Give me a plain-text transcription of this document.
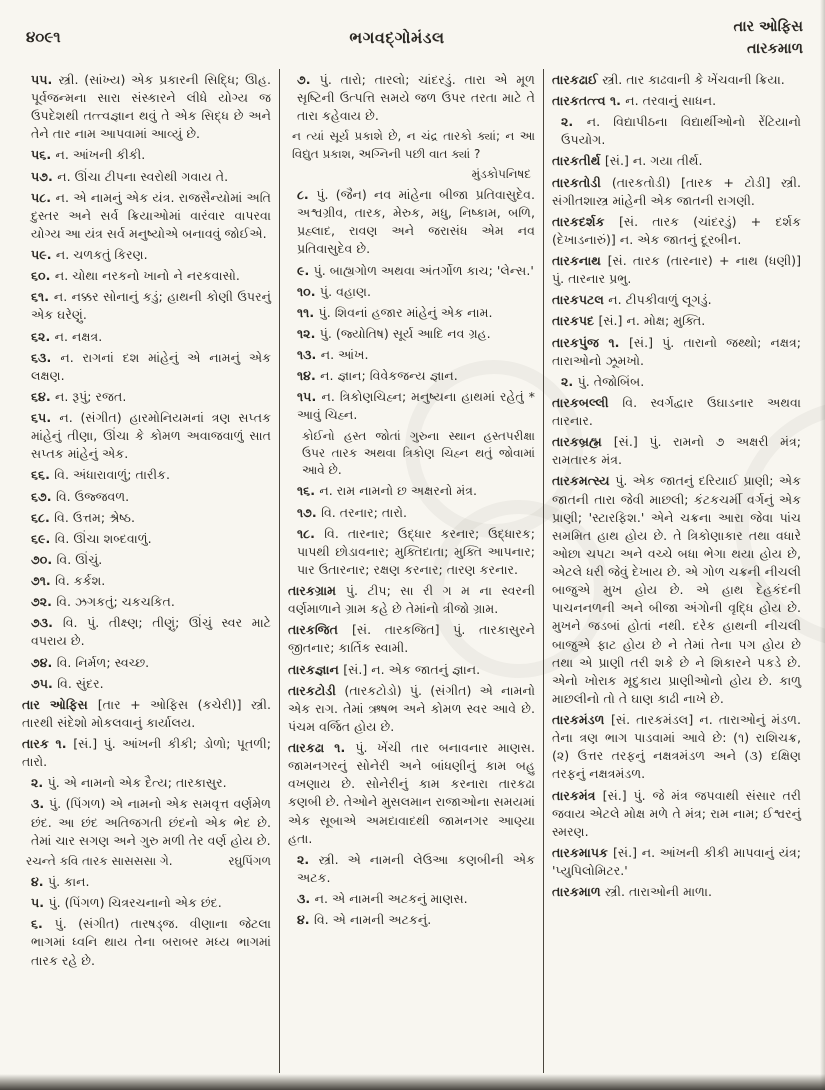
૪૦૯૧	ભગવદ્ગોમંડલ
તાર ઓફિસ
તારકમાળ

૫૫. સ્ત્રી. (સાંખ્ય) એક પ્રકારની સિદ્ધિ; ઊહ. પૂર્વજન્મના સારા સંસ્કારને લીધે યોગ્ય જ ઉપદેશથી તત્ત્વજ્ઞાન થવું તે એક સિદ્ધ છે અને તેને તાર નામ આપવામાં આવ્યું છે.

૫૬. ન. આંખની કીકી.

૫૭. ન. ઊંચા ટીપના સ્વરોથી ગવાય તે.

૫૮. ન. એ નામનું એક યંત્ર. રાજસૈન્યોમાં અતિ દુસ્તર અને સર્વ ક્રિયાઓમાં વારંવાર વાપરવા યોગ્ય આ યંત્ર સર્વ મનુષ્યોએ બનાવવું જોઈએ.

૫૯. ન. ચળકતું કિરણ.

૬૦. ન. ચોથા નરકનો ખાનો ને નરકવાસો.

૬૧. ન. નક્કર સોનાનું કડું; હાથની કોણી ઉપરનું એક ઘરેણું.

૬૨. ન. નક્ષત્ર.

૬૩. ન. રાગનાં દશ માંહેનું એ નામનું એક લક્ષણ.

૬૪. ન. રૂપું; રજત.

૬૫. ન. (સંગીત) હારમોનિયમનાં ત્રણ સપ્તક માંહેનું તીણા, ઊંચા કે કોમળ અવાજવાળું સાત સપ્તક માંહેનું એક.

૬૬. વિ. અંધારાવાળું; તારીક.

૬૭. વિ. ઉજ્જવળ.

૬૮. વિ. ઉત્તમ; શ્રેષ્ઠ.

૬૯. વિ. ઊંચા શબ્દવાળું.

૭૦. વિ. ઊંચું.

૭૧. વિ. કર્કશ.

૭૨. વિ. ઝગકતું; ચકચકિત.

૭૩. વિ. પું. તીક્ષ્ણ; તીણું; ઊંચું સ્વર માટે વપરાય છે.

૭૪. વિ. નિર્મળ; સ્વચ્છ.

૭૫. વિ. સુંદર.

તાર ઓફિસ [તાર + ઓફિસ (કચેરી)] સ્ત્રી. તારથી સંદેશો મોકલવાનું કાર્યાલય.

તારક ૧. [સં.] પું. આંખની કીકી; ડોળો; પૂતળી; તારો.

૨. પું. એ નામનો એક દૈત્ય; તારકાસુર.

૩. પું. (પિંગળ) એ નામનો એક સમવૃત્ત વર્ણમેળ છંદ. આ છંદ અતિજગતી છંદનો એક ભેદ છે. તેમાં ચાર સગણ અને ગુરુ મળી તેર વર્ણ હોય છે.

રઘુપિંગળ
રચન્તે કવિ તારક સાસસસા ગે.

૪. પું. કાન.

૫. પું. (પિંગળ) ચિત્રરચનાનો એક છંદ.

૬. પું. (સંગીત) તારષડ્જ. વીણાના જેટલા ભાગમાં ધ્વનિ થાય તેના બરાબર મધ્ય ભાગમાં તારક રહે છે.

૭. પું. તારો; તારલો; ચાંદરડું. તારા એ મૂળ સૃષ્ટિની ઉત્પત્તિ સમયે જળ ઉપર તરતા માટે તે તારા કહેવાય છે.

ન ત્યાં સૂર્ય પ્રકાશે છે, ન ચંદ્ર તારકો ક્યાં; ન આ વિદ્યુત પ્રકાશ, અગ્નિની પછી વાત ક્યાં ?

મુંડકોપનિષદ

૮. પું. (જૈન) નવ માંહેના બીજા પ્રતિવાસુદેવ. અશ્વગ્રીવ, તારક, મેરુક, મધુ, નિષ્કામ, બળિ, પ્રહ્લાદ, રાવણ અને જરાસંધ એમ નવ પ્રતિવાસુદેવ છે.

૯. પું. બાહ્યગોળ અથવા અંતર્ગોળ કાચ; 'લેન્સ.'

૧૦. પું. વહાણ.

૧૧. પું. શિવનાં હજાર માંહેનું એક નામ.

૧૨. પું. (જ્યોતિષ) સૂર્ય આદિ નવ ગ્રહ.

૧૩. ન. આંખ.

૧૪. ન. જ્ઞાન; વિવેકજન્ય જ્ઞાન.

૧૫. ન. ત્રિકોણચિહ્ન; મનુષ્યના હાથમાં રહેતું * આવું ચિહ્ન.

હસ્તપરીક્ષા
કોઈનો હસ્ત જોતાં ગુરુના સ્થાન ઉપર તારક અથવા ત્રિકોણ ચિહ્ન થતું જોવામાં આવે છે.

૧૬. ન. રામ નામનો છ અક્ષરનો મંત્ર.

૧૭. વિ. તરનાર; તારો.

૧૮. વિ. તારનાર; ઉદ્ધાર કરનાર; ઉદ્ધારક; પાપથી છોડાવનાર; મુક્તિદાતા; મુક્તિ આપનાર; પાર ઉતારનાર; રક્ષણ કરનાર; તારણ કરનાર.

તારકગ્રામ પું. ટીપ; સા રી ગ મ ના સ્વરની વર્ણમાળાને ગ્રામ કહે છે તેમાંનો ત્રીજો ગ્રામ.

તારકજિત [સં. તારકજિત] પું. તારકાસુરને જીતનાર; કાર્તિક સ્વામી.

તારકજ્ઞાન [સં.] ન. એક જાતનું જ્ઞાન.

તારકટોડી (તારકટોડો) પું. (સંગીત) એ નામનો એક રાગ. તેમાં ઋષભ અને કોમળ સ્વર આવે છે. પંચમ વર્જિત હોય છે.

તારકઢા ૧. પું. ખેંચી તાર બનાવનાર માણસ. જામનગરનું સોનેરી અને બાંધણીનું કામ બહુ વખણાય છે. સોનેરીનું કામ કરનારા તારકઢા કણબી છે. તેઓને મુસલમાન રાજાઓના સમયમાં એક સૂબાએ અમદાવાદથી જામનગર આણ્યા હતા.

૨. સ્ત્રી. એ નામની લેઉઆ કણબીની એક અટક.

૩. ન. એ નામની અટકનું માણસ.

૪. વિ. એ નામની અટકનું.

તારકઢાઈ સ્ત્રી. તાર કાઢવાની કે ખેંચવાની ક્રિયા.

તારકતત્ત્વ ૧. ન. તરવાનું સાધન.

૨. ન. વિદ્યાપીઠના વિદ્યાર્થીઓનો રેંટિયાનો ઉપયોગ.

તારકતીર્થ [સં.] ન. ગયા તીર્થ.

તારકતોડી (તારકતોડી) [તારક + ટોડી] સ્ત્રી. સંગીતશાસ્ત્ર માંહેની એક જાતની રાગણી.

તારકદર્શક [સં. તારક (ચાંદરડું) + દર્શક (દેખાડનારું)] ન. એક જાતનું દૂરબીન.

તારકનાથ [સં. તારક (તારનાર) + નાથ (ધણી)] પું. તારનાર પ્રભુ.

તારકપટલ ન. ટીપકીવાળું લૂગડું.

તારકપદ [સં.] ન. મોક્ષ; મુક્તિ.

તારકપુંજ ૧. [સં.] પું. તારાનો જથ્થો; નક્ષત્ર; તારાઓનો ઝૂમખો.

૨. પું. તેજોબિંબ.

તારકબલ્લી વિ. સ્વર્ગદ્વાર ઉઘાડનાર અથવા તારનાર.

તારકબ્રહ્મ [સં.] પું. રામનો ૭ અક્ષરી મંત્ર; રામતારક મંત્ર.

તારકમત્સ્ય પું. એક જાતનું દરિયાઈ પ્રાણી; એક જાતની તારા જેવી માછલી; કંટકચર્મી વર્ગનું એક પ્રાણી; 'સ્ટારફિશ.' એને ચક્રના આરા જેવા પાંચ સમમિત હાથ હોય છે. તે ત્રિકોણાકાર તથા વધારે ઓછા ચપટા અને વચ્ચે બધા ભેગા થયા હોય છે, એટલે ધરી જેવું દેખાય છે. એ ગોળ ચક્રની નીચલી બાજુએ મુખ હોય છે. એ હાથ દેહકંદની પાચનનળની અને બીજા અંગોની વૃદ્ધિ હોય છે. મુખને જડબાં હોતાં નથી. દરેક હાથની નીચલી બાજુએ ફાટ હોય છે ને તેમાં તેના પગ હોય છે તથા એ પ્રાણી તરી શકે છે ને શિકારને પકડે છે. એનો ખોરાક મૃદુકાય પ્રાણીઓનો હોય છે. કાળુ માછલીનો તો તે ઘાણ કાઢી નાખે છે.

તારકમંડળ [સં. તારકમંડલ] ન. તારાઓનું મંડળ. તેના ત્રણ ભાગ પાડવામાં આવે છે: (૧) રાશિચક્ર, (૨) ઉત્તર તરફનું નક્ષત્રમંડળ અને (૩) દક્ષિણ તરફનું નક્ષત્રમંડળ.

તારકમંત્ર [સં.] પું. જે મંત્ર જપવાથી સંસાર તરી જવાય એટલે મોક્ષ મળે તે મંત્ર; રામ નામ; ઈશ્વરનું સ્મરણ.

તારકમાપક [સં.] ન. આંખની કીકી માપવાનું યંત્ર; 'પ્યુપિલોમિટર.'

તારકમાળ સ્ત્રી. તારાઓની માળા.
